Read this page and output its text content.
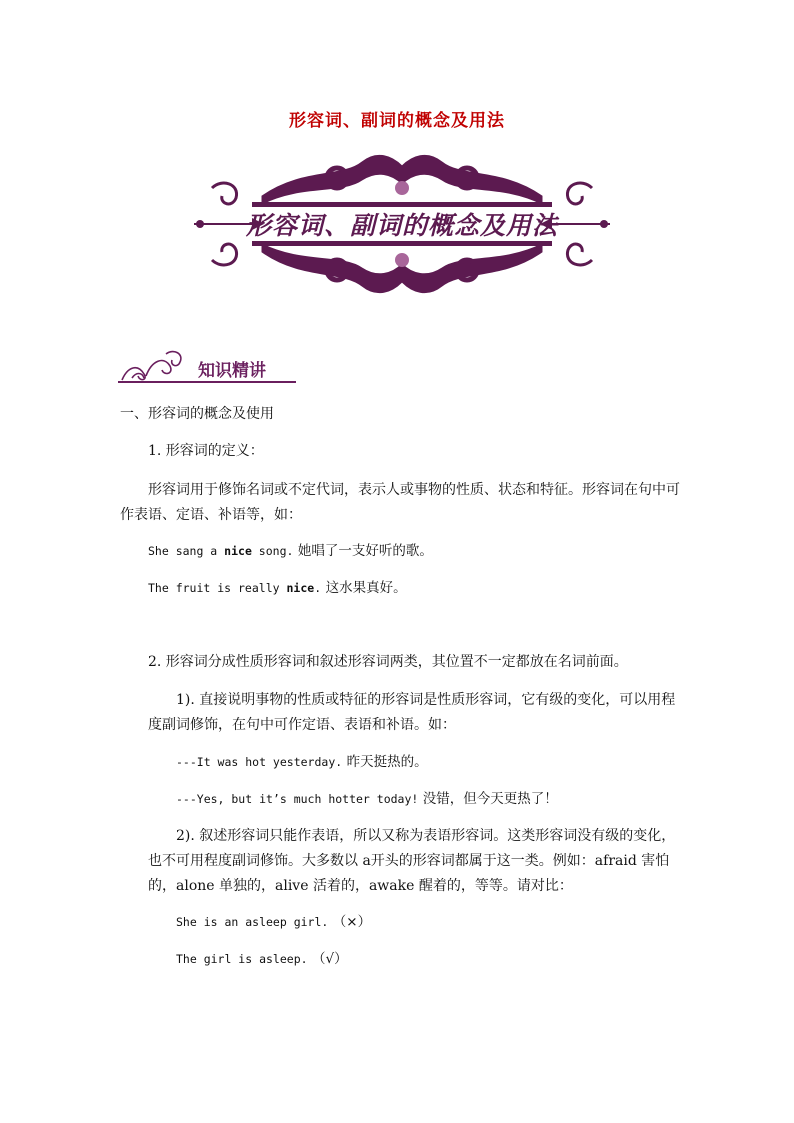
形容词、副词的概念及用法
形容词、副词的概念及用法
知识精讲
一、形容词的概念及使用
1. 形容词的定义：
形容词用于修饰名词或不定代词，表示人或事物的性质、状态和特征。形容词在句中可
作表语、定语、补语等，如：
She sang a nice song. 她唱了一支好听的歌。
The fruit is really nice. 这水果真好。
2. 形容词分成性质形容词和叙述形容词两类，其位置不一定都放在名词前面。
1). 直接说明事物的性质或特征的形容词是性质形容词，它有级的变化，可以用程
度副词修饰，在句中可作定语、表语和补语。如：
---It was hot yesterday. 昨天挺热的。
---Yes, but it’s much hotter today! 没错，但今天更热了！
2). 叙述形容词只能作表语，所以又称为表语形容词。这类形容词没有级的变化，
也不可用程度副词修饰。大多数以 a开头的形容词都属于这一类。例如：afraid 害怕
的，alone 单独的，alive 活着的，awake 醒着的，等等。请对比：
She is an asleep girl. （×）
The girl is asleep. （√）
